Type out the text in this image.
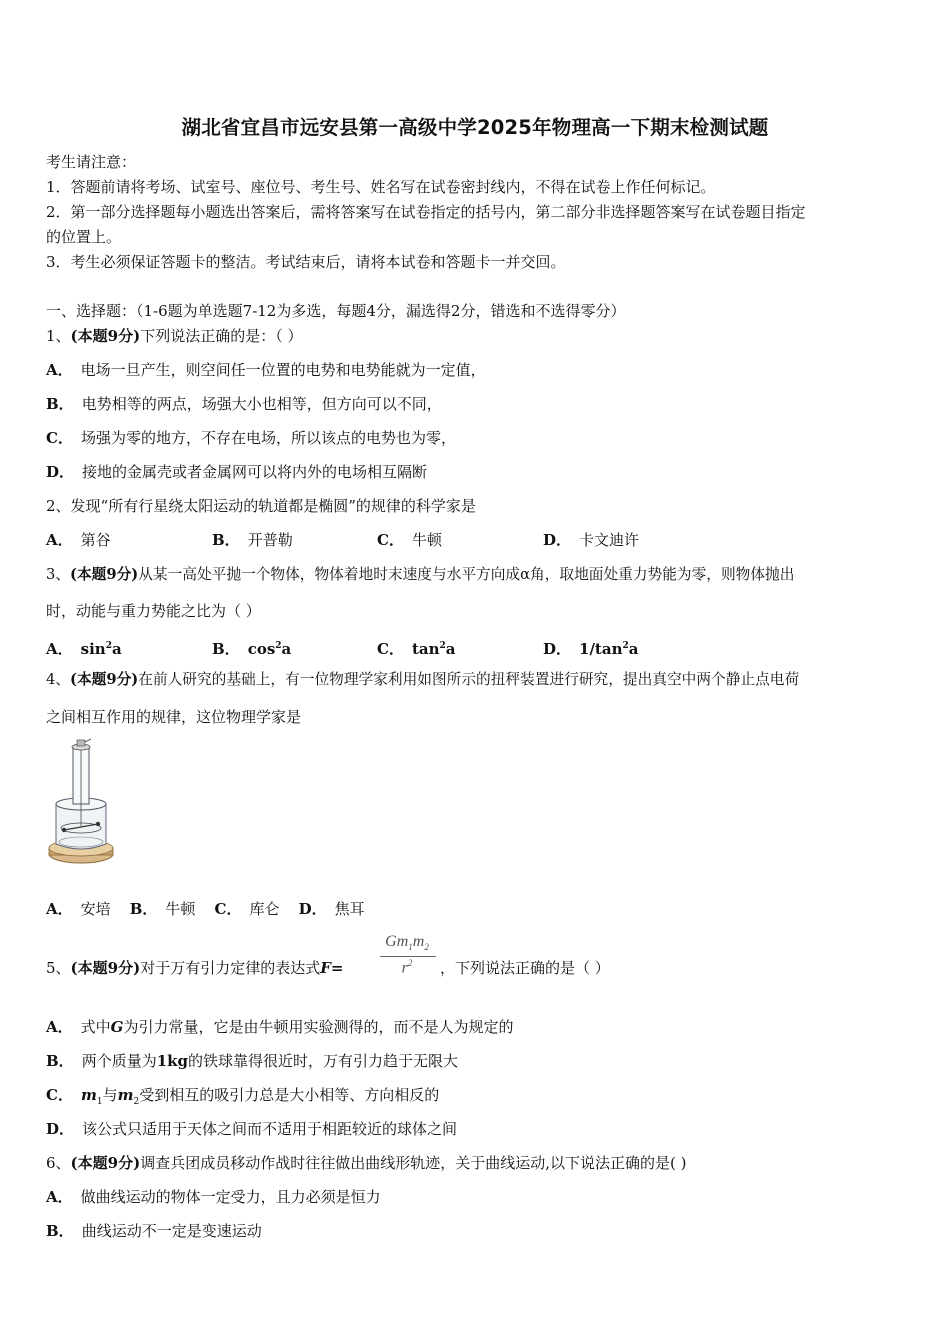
湖北省宜昌市远安县第一高级中学2025年物理高一下期末检测试题
考生请注意：
1．答题前请将考场、试室号、座位号、考生号、姓名写在试卷密封线内，不得在试卷上作任何标记。
2．第一部分选择题每小题选出答案后，需将答案写在试卷指定的括号内，第二部分非选择题答案写在试卷题目指定
的位置上。
3．考生必须保证答题卡的整洁。考试结束后，请将本试卷和答题卡一并交回。
一、选择题：（1-6题为单选题7-12为多选，每题4分，漏选得2分，错选和不选得零分）
1、(本题9分)下列说法正确的是：（ ）
A． 电场一旦产生，则空间任一位置的电势和电势能就为一定值，
B． 电势相等的两点，场强大小也相等，但方向可以不同，
C． 场强为零的地方，不存在电场，所以该点的电势也为零，
D． 接地的金属壳或者金属网可以将内外的电场相互隔断
2、发现“所有行星绕太阳运动的轨道都是椭圆”的规律的科学家是
A． 第谷	B． 开普勒	C． 牛顿	D． 卡文迪许
3、(本题9分)从某一高处平抛一个物体，物体着地时末速度与水平方向成α角，取地面处重力势能为零，则物体抛出
时，动能与重力势能之比为（ ）
A． $\sin^2a$	B． $\cos^2a$	C． $\tan^2a$	D． $1/\tan^2a$
4、(本题9分)在前人研究的基础上，有一位物理学家利用如图所示的扭秤装置进行研究，提出真空中两个静止点电荷
之间相互作用的规律，这位物理学家是
A． 安培 B． 牛顿 C． 库仑 D． 焦耳
5、(本题9分)对于万有引力定律的表达式F=
$Gm_1m_2$
$r^2$	，下列说法正确的是（ ）
A． 式中G为引力常量，它是由牛顿用实验测得的，而不是人为规定的
B． 两个质量为1kg的铁球靠得很近时，万有引力趋于无限大
C． $m_1$与$m_2$受到相互的吸引力总是大小相等、方向相反的
D． 该公式只适用于天体之间而不适用于相距较近的球体之间
6、(本题9分)调查兵团成员移动作战时往往做出曲线形轨迹，关于曲线运动,以下说法正确的是( )
A． 做曲线运动的物体一定受力，且力必须是恒力
B． 曲线运动不一定是变速运动
